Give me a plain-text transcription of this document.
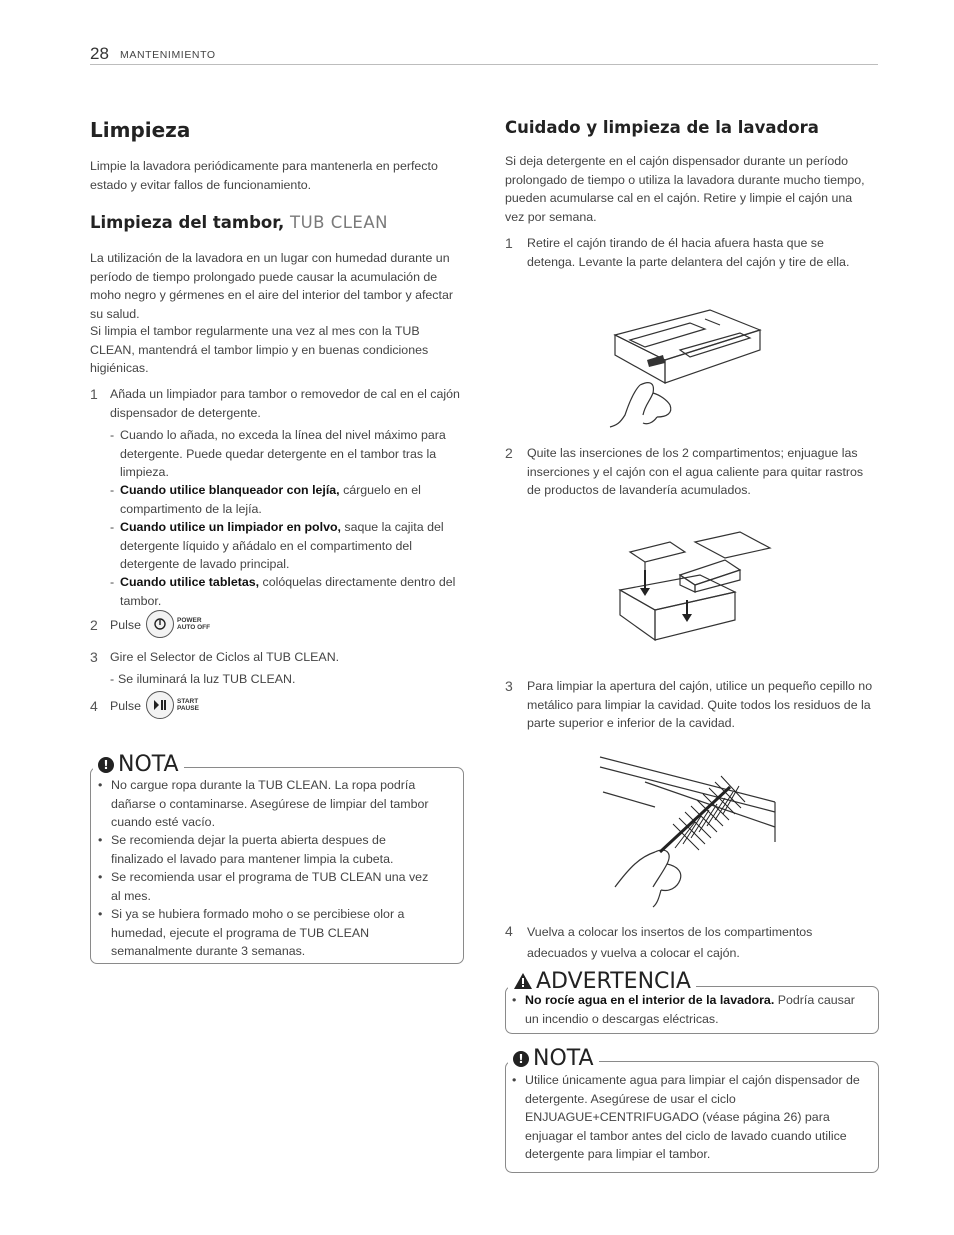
28 MANTENIMIENTO
Limpieza
Limpie la lavadora periódicamente para mantenerla en perfecto estado y evitar fallos de funcionamiento.
Limpieza del tambor, TUB CLEAN
La utilización de la lavadora en un lugar con humedad durante un período de tiempo prolongado puede causar la acumulación de moho negro y gérmenes en el aire del interior del tambor y afectar su salud.
Si limpia el tambor regularmente una vez al mes con la TUB CLEAN, mantendrá el tambor limpio y en buenas condiciones higiénicas.
1 Añada un limpiador para tambor o removedor de cal en el cajón dispensador de detergente.
- Cuando lo añada, no exceda la línea del nivel máximo para detergente. Puede quedar detergente en el tambor tras la limpieza.
- Cuando utilice blanqueador con lejía, cárguelo en el compartimento de la lejía.
- Cuando utilice un limpiador en polvo, saque la cajita del detergente líquido y añádalo en el compartimento del detergente de lavado principal.
- Cuando utilice tabletas, colóquelas directamente dentro del tambor.
2 Pulse	POWER
AUTO OFF
3 Gire el Selector de Ciclos al TUB CLEAN.
- Se iluminará la luz TUB CLEAN.
4 Pulse	START
PAUSE
! NOTA
• No cargue ropa durante la TUB CLEAN. La ropa podría dañarse o contaminarse. Asegúrese de limpiar del tambor cuando esté vacío.
• Se recomienda dejar la puerta abierta despues de finalizado el lavado para mantener limpia la cubeta.
• Se recomienda usar el programa de TUB CLEAN una vez al mes.
• Si ya se hubiera formado moho o se percibiese olor a humedad, ejecute el programa de TUB CLEAN semanalmente durante 3 semanas.
Cuidado y limpieza de la lavadora
Si deja detergente en el cajón dispensador durante un período prolongado de tiempo o utiliza la lavadora durante mucho tiempo, pueden acumularse cal en el cajón. Retire y limpie el cajón una vez por semana.
1 Retire el cajón tirando de él hacia afuera hasta que se detenga. Levante la parte delantera del cajón y tire de ella.
2 Quite las inserciones de los 2 compartimentos; enjuague las inserciones y el cajón con el agua caliente para quitar rastros de productos de lavandería acumulados.
3 Para limpiar la apertura del cajón, utilice un pequeño cepillo no metálico para limpiar la cavidad. Quite todos los residuos de la parte superior e inferior de la cavidad.
4 Vuelva a colocar los insertos de los compartimentos adecuados y vuelva a colocar el cajón.
ADVERTENCIA
• No rocíe agua en el interior de la lavadora. Podría causar un incendio o descargas eléctricas.
! NOTA
• Utilice únicamente agua para limpiar el cajón dispensador de detergente. Asegúrese de usar el ciclo ENJUAGUE+CENTRIFUGADO (véase página 26) para enjuagar el tambor antes del ciclo de lavado cuando utilice detergente para limpiar el tambor.
